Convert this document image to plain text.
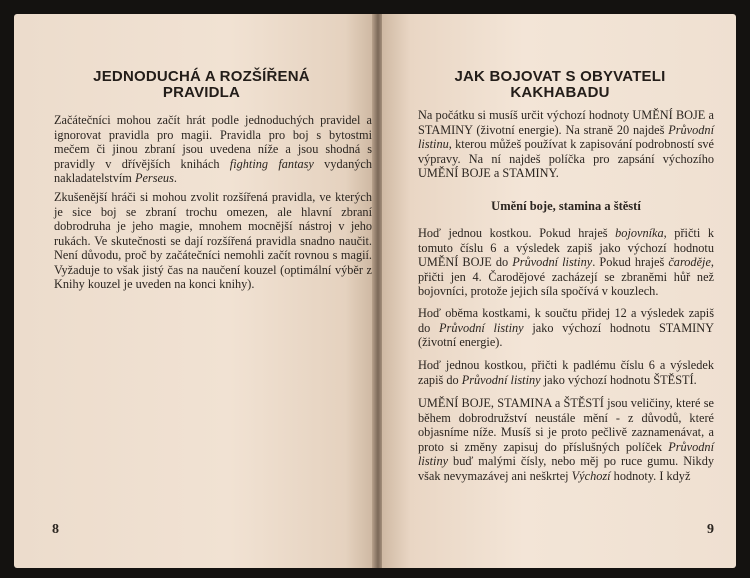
JEDNODUCHÁ A ROZŠÍŘENÁ
PRAVIDLA

Začátečníci mohou začít hrát podle jednoduchých pravidel a ignorovat pravidla pro magii. Pravidla pro boj s bytostmi mečem či jinou zbraní jsou uvedena níže a jsou shodná s pravidly v dřívějších knihách fighting fantasy vydaných nakladatelstvím Perseus.

Zkušenější hráči si mohou zvolit rozšířená pravidla, ve kterých je sice boj se zbraní trochu omezen, ale hlavní zbraní dobrodruha je jeho magie, mnohem mocnější nástroj v jeho rukách. Ve skutečnosti se dají rozšířená pravidla snadno naučit. Není důvodu, proč by začátečníci nemohli začít rovnou s magií. Vyžaduje to však jistý čas na naučení kouzel (optimální výběr z Knihy kouzel je uveden na konci knihy).

8
JAK BOJOVAT S OBYVATELI
KAKHABADU

Na počátku si musíš určit výchozí hodnoty UMĚNÍ BOJE a STAMINY (životní energie). Na straně 20 najdeš Průvodní listinu, kterou můžeš používat k zapisování podrobností své výpravy. Na ní najdeš políčka pro zapsání výchozího UMĚNÍ BOJE a STAMINY.

Umění boje, stamina a štěstí

Hoď jednou kostkou. Pokud hraješ bojovníka, přičti k tomuto číslu 6 a výsledek zapiš jako výchozí hodnotu UMĚNÍ BOJE do Průvodní listiny. Pokud hraješ čaroděje, přičti jen 4. Čarodějové zacházejí se zbraněmi hůř než bojovníci, protože jejich síla spočívá v kouzlech.

Hoď oběma kostkami, k součtu přidej 12 a výsledek zapiš do Průvodní listiny jako výchozí hodnotu STAMINY (životní energie).

Hoď jednou kostkou, přičti k padlému číslu 6 a výsledek zapiš do Průvodní listiny jako výchozí hodnotu ŠTĚSTÍ.

UMĚNÍ BOJE, STAMINA a ŠTĚSTÍ jsou veličiny, které se během dobrodružství neustále mění - z důvodů, které objasníme níže. Musíš si je proto pečlivě zaznamenávat, a proto si změny zapisuj do příslušných políček Průvodní listiny buď malými čísly, nebo měj po ruce gumu. Nikdy však nevymazávej ani neškrtej Výchozí hodnoty. I když

9
